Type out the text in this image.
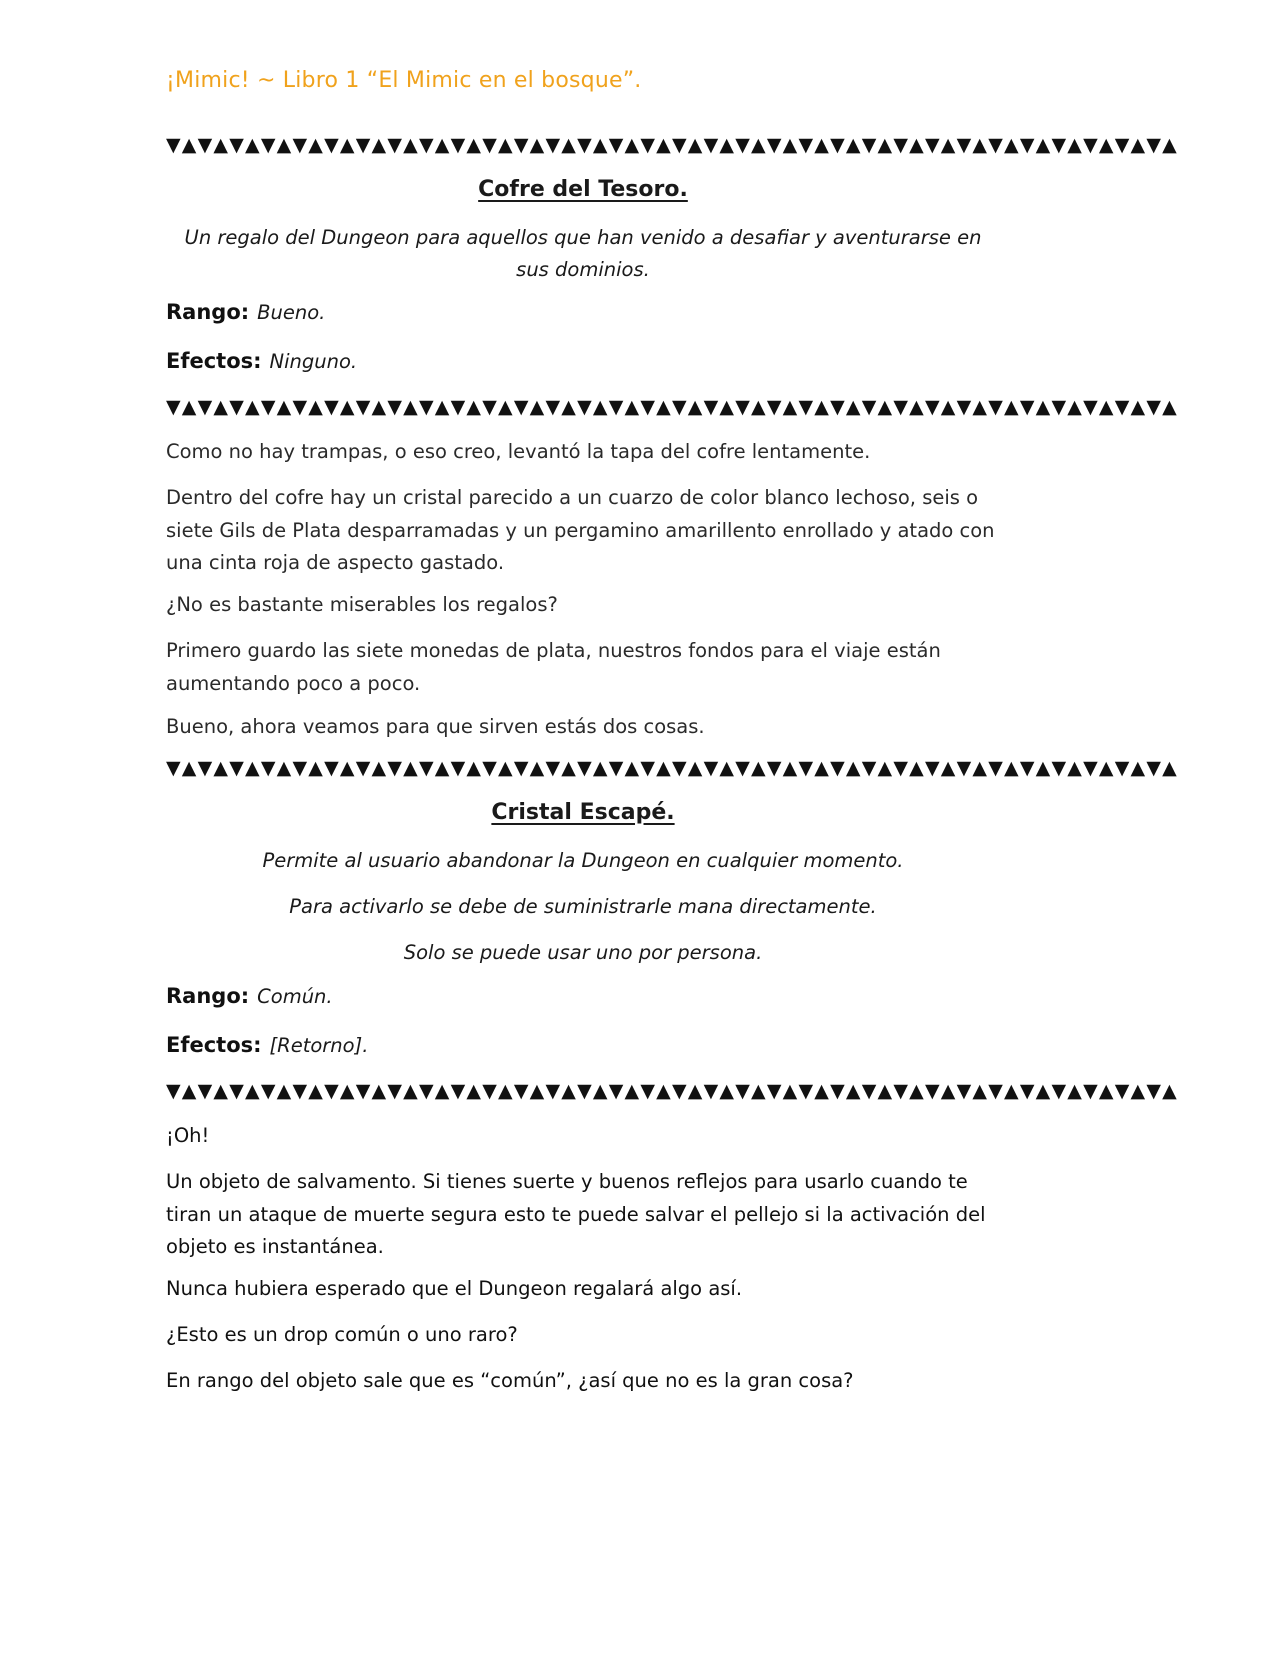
¡Mimic! ~ Libro 1 “El Mimic en el bosque”.
▼▲▼▲▼▲▼▲▼▲▼▲▼▲▼▲▼▲▼▲▼▲▼▲▼▲▼▲▼▲▼▲▼▲▼▲▼▲▼▲▼▲▼▲▼▲▼▲▼▲▼▲▼▲▼▲▼▲▼▲▼▲▼▲
Cofre del Tesoro.
Un regalo del Dungeon para aquellos que han venido a desafiar y aventurarse en sus dominios.
Rango: Bueno.
Efectos: Ninguno.
▼▲▼▲▼▲▼▲▼▲▼▲▼▲▼▲▼▲▼▲▼▲▼▲▼▲▼▲▼▲▼▲▼▲▼▲▼▲▼▲▼▲▼▲▼▲▼▲▼▲▼▲▼▲▼▲▼▲▼▲▼▲▼▲
Como no hay trampas, o eso creo, levantó la tapa del cofre lentamente.
Dentro del cofre hay un cristal parecido a un cuarzo de color blanco lechoso, seis o siete Gils de Plata desparramadas y un pergamino amarillento enrollado y atado con una cinta roja de aspecto gastado.
¿No es bastante miserables los regalos?
Primero guardo las siete monedas de plata, nuestros fondos para el viaje están aumentando poco a poco.
Bueno, ahora veamos para que sirven estás dos cosas.
▼▲▼▲▼▲▼▲▼▲▼▲▼▲▼▲▼▲▼▲▼▲▼▲▼▲▼▲▼▲▼▲▼▲▼▲▼▲▼▲▼▲▼▲▼▲▼▲▼▲▼▲▼▲▼▲▼▲▼▲▼▲▼▲
Cristal Escapé.
Permite al usuario abandonar la Dungeon en cualquier momento.
Para activarlo se debe de suministrarle mana directamente.
Solo se puede usar uno por persona.
Rango: Común.
Efectos: [Retorno].
▼▲▼▲▼▲▼▲▼▲▼▲▼▲▼▲▼▲▼▲▼▲▼▲▼▲▼▲▼▲▼▲▼▲▼▲▼▲▼▲▼▲▼▲▼▲▼▲▼▲▼▲▼▲▼▲▼▲▼▲▼▲▼▲
¡Oh!
Un objeto de salvamento. Si tienes suerte y buenos reflejos para usarlo cuando te tiran un ataque de muerte segura esto te puede salvar el pellejo si la activación del objeto es instantánea.
Nunca hubiera esperado que el Dungeon regalará algo así.
¿Esto es un drop común o uno raro?
En rango del objeto sale que es “común”, ¿así que no es la gran cosa?
